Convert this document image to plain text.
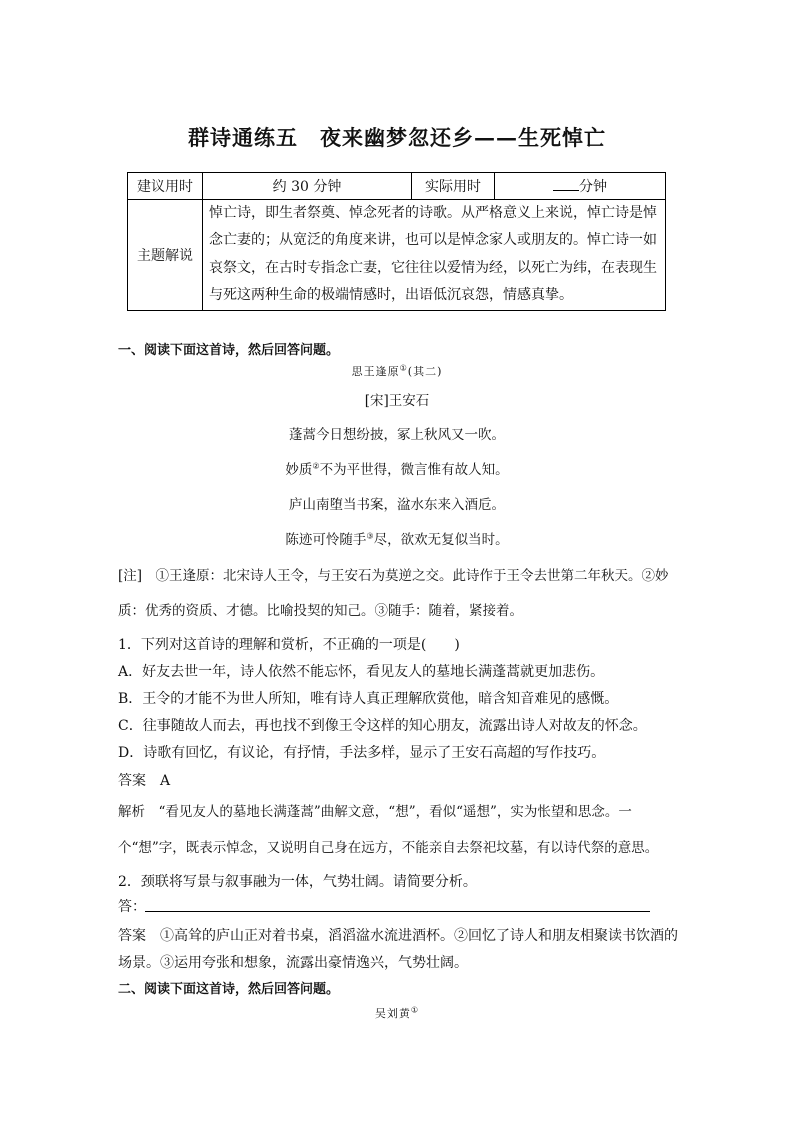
群诗通练五　夜来幽梦忽还乡——生死悼亡
建议用时	约 30 分钟	实际用时	分钟
主题解说	悼亡诗，即生者祭奠、悼念死者的诗歌。从严格意义上来说，悼亡诗是悼
念亡妻的；从宽泛的角度来讲，也可以是悼念家人或朋友的。悼亡诗一如
哀祭文，在古时专指念亡妻，它往往以爱情为经，以死亡为纬，在表现生
与死这两种生命的极端情感时，出语低沉哀怨，情感真挚。		
一、阅读下面这首诗，然后回答问题。
思王逢原①(其二)
[宋]王安石
蓬蒿今日想纷披，冢上秋风又一吹。
妙质②不为平世得，微言惟有故人知。
庐山南堕当书案，湓水东来入酒卮。
陈迹可怜随手③尽，欲欢无复似当时。
[注]　①王逢原：北宋诗人王令，与王安石为莫逆之交。此诗作于王令去世第二年秋天。②妙
质：优秀的资质、才德。比喻投契的知己。③随手：随着，紧接着。
1．下列对这首诗的理解和赏析，不正确的一项是(　　)
A．好友去世一年，诗人依然不能忘怀，看见友人的墓地长满蓬蒿就更加悲伤。
B．王令的才能不为世人所知，唯有诗人真正理解欣赏他，暗含知音难见的感慨。
C．往事随故人而去，再也找不到像王令这样的知心朋友，流露出诗人对故友的怀念。
D．诗歌有回忆，有议论，有抒情，手法多样，显示了王安石高超的写作技巧。
答案　A
解析　“看见友人的墓地长满蓬蒿”曲解文意，“想”，看似“遥想”，实为怅望和思念。一
个“想”字，既表示悼念，又说明自己身在远方，不能亲自去祭祀坟墓，有以诗代祭的意思。
2．颈联将写景与叙事融为一体，气势壮阔。请简要分析。
答：
答案　①高耸的庐山正对着书桌，滔滔湓水流进酒杯。②回忆了诗人和朋友相聚读书饮酒的
场景。③运用夸张和想象，流露出豪情逸兴，气势壮阔。
二、阅读下面这首诗，然后回答问题。
吴刘黄①
